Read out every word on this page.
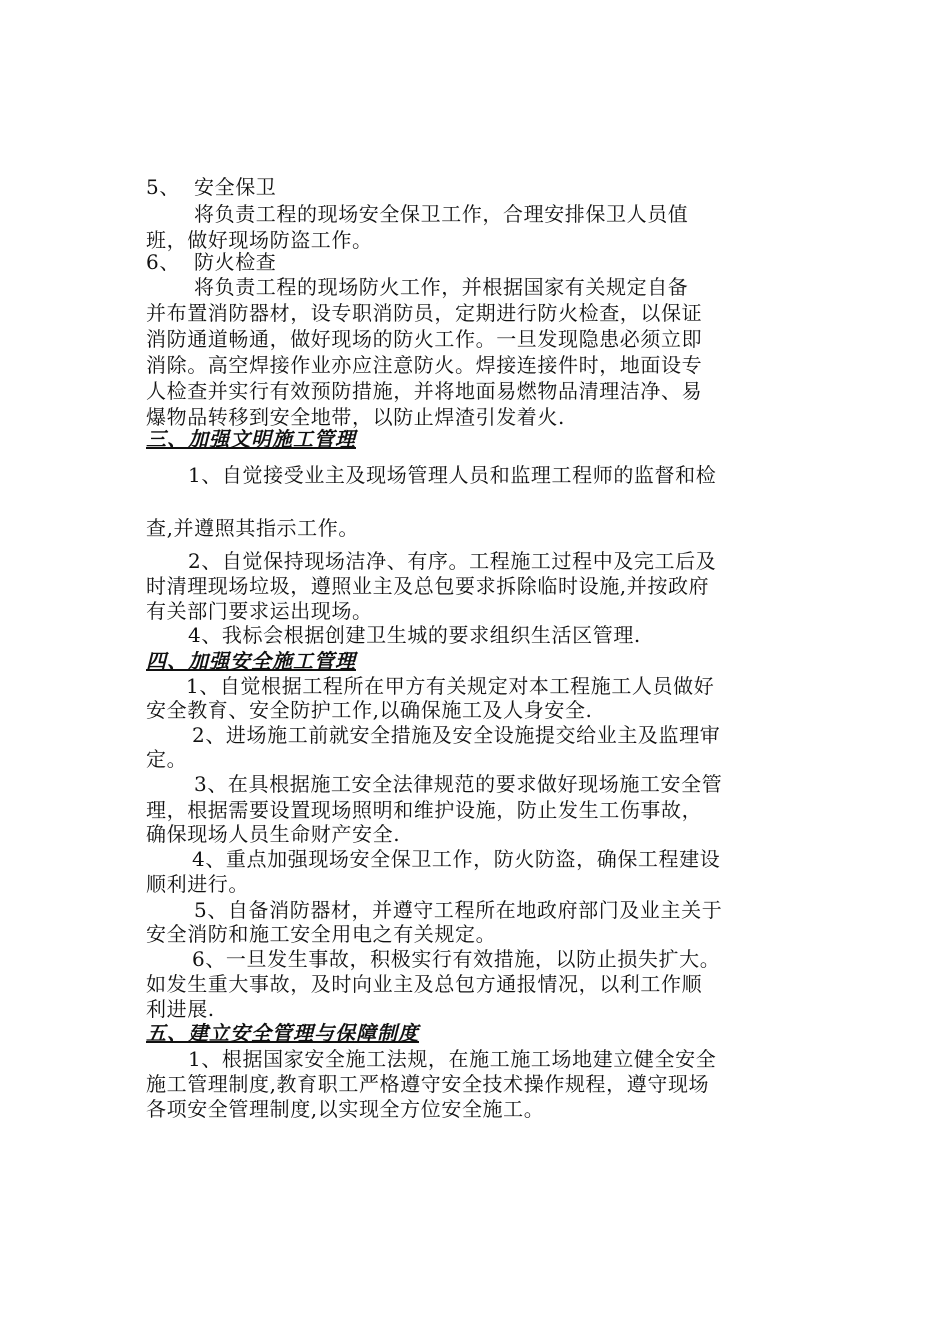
5、 安全保卫
将负责工程的现场安全保卫工作，合理安排保卫人员值
班，做好现场防盗工作。
6、 防火检查
将负责工程的现场防火工作，并根据国家有关规定自备
并布置消防器材，设专职消防员，定期进行防火检查，以保证
消防通道畅通，做好现场的防火工作。一旦发现隐患必须立即
消除。高空焊接作业亦应注意防火。焊接连接件时，地面设专
人检查并实行有效预防措施，并将地面易燃物品清理洁净、易
爆物品转移到安全地带，以防止焊渣引发着火.
三、加强文明施工管理
1、自觉接受业主及现场管理人员和监理工程师的监督和检
查,并遵照其指示工作。
2、自觉保持现场洁净、有序。工程施工过程中及完工后及
时清理现场垃圾，遵照业主及总包要求拆除临时设施,并按政府
有关部门要求运出现场。
4、我标会根据创建卫生城的要求组织生活区管理.
四、加强安全施工管理
1、自觉根据工程所在甲方有关规定对本工程施工人员做好
安全教育、安全防护工作,以确保施工及人身安全.
2、进场施工前就安全措施及安全设施提交给业主及监理审
定。
3、在具根据施工安全法律规范的要求做好现场施工安全管
理，根据需要设置现场照明和维护设施，防止发生工伤事故，
确保现场人员生命财产安全.
4、重点加强现场安全保卫工作，防火防盗，确保工程建设
顺利进行。
5、自备消防器材，并遵守工程所在地政府部门及业主关于
安全消防和施工安全用电之有关规定。
6、一旦发生事故，积极实行有效措施，以防止损失扩大。
如发生重大事故，及时向业主及总包方通报情况，以利工作顺
利进展.
五、建立安全管理与保障制度
1、根据国家安全施工法规，在施工施工场地建立健全安全
施工管理制度,教育职工严格遵守安全技术操作规程，遵守现场
各项安全管理制度,以实现全方位安全施工。
